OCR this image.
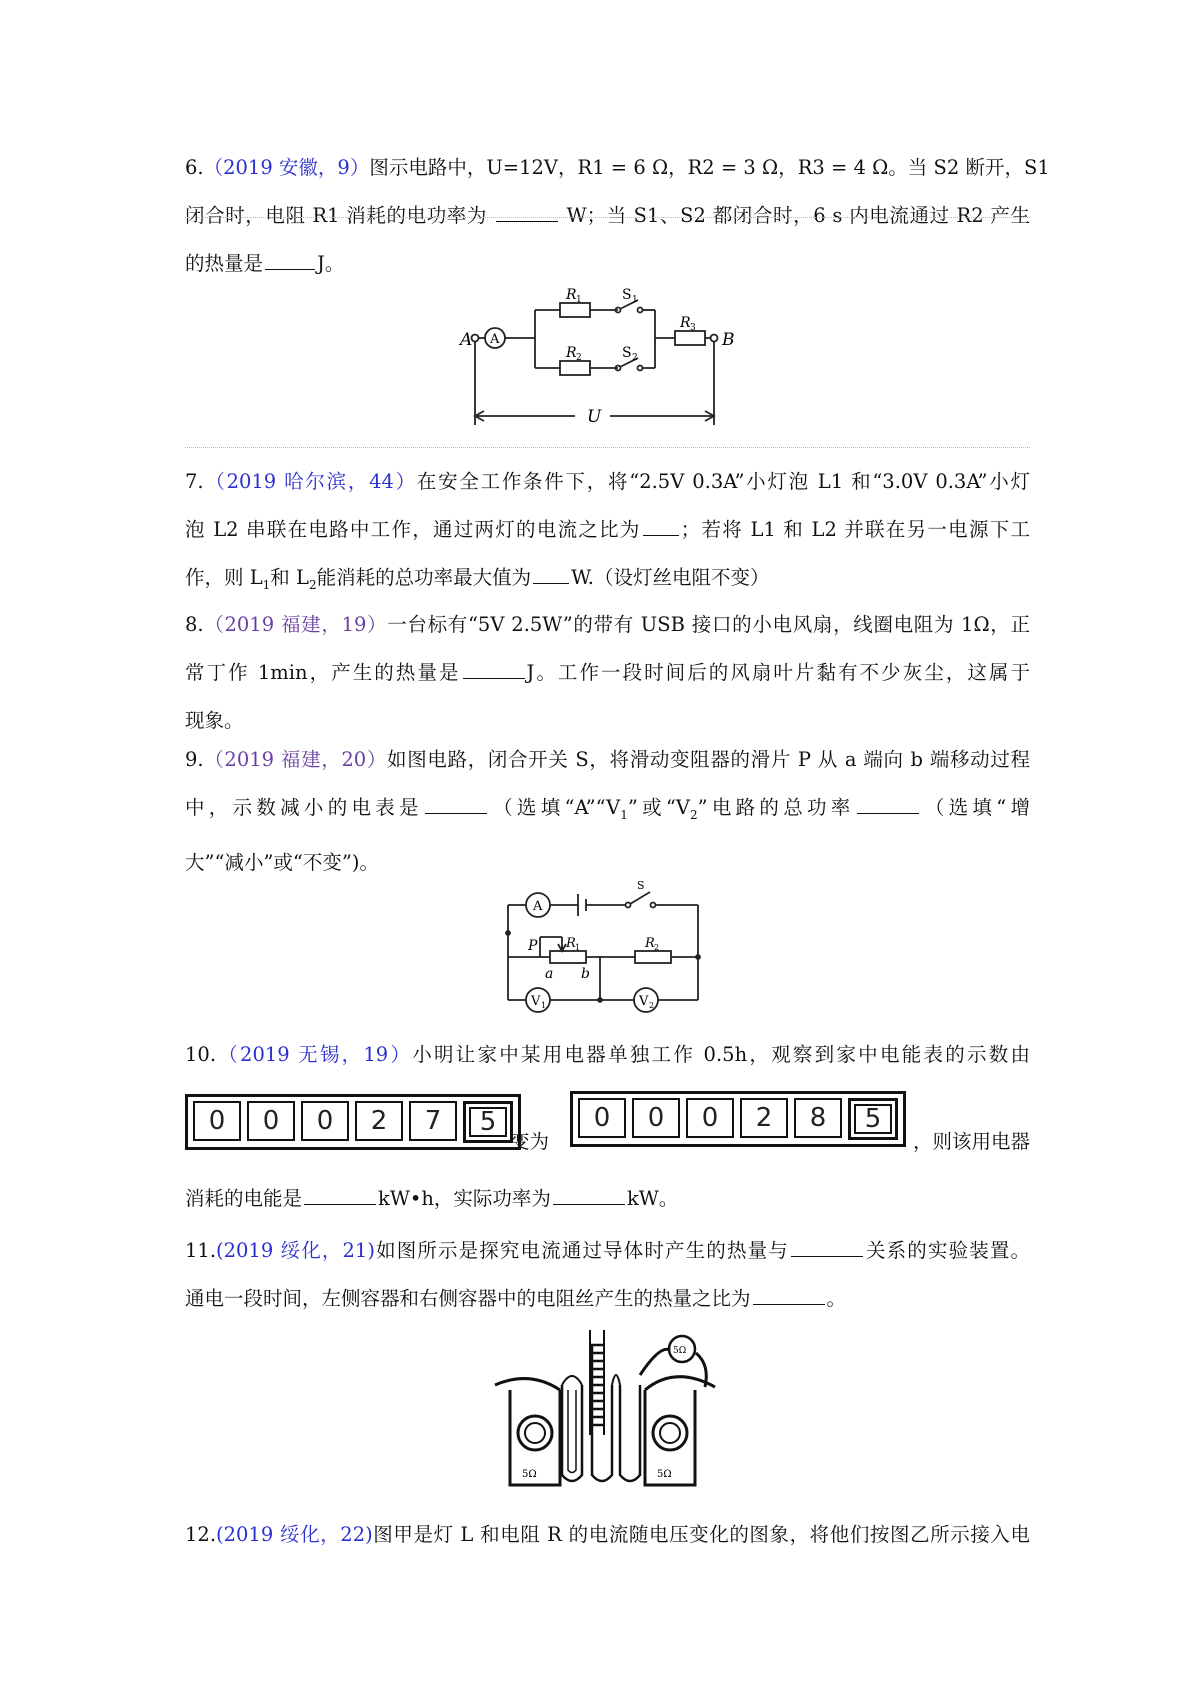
6.（2019 安徽，9）图示电路中，U=12V，R1 = 6 Ω，R2 = 3 Ω，R3 = 4 Ω。当 S2 断开，S1
闭合时，电阻 R1 消耗的电功率为	W；当 S1、S2 都闭合时，6 s 内电流通过 R2 产生
的热量是	J。
A A	B
R 1	S 1
R 2	S 2
R 3
U
7.（2019 哈尔滨，44）在安全工作条件下，将“2.5V 0.3A”小灯泡 L1 和“3.0V 0.3A”小灯
泡 L2 串联在电路中工作，通过两灯的电流之比为 ；若将 L1 和 L2 并联在另一电源下工
作，则 $L_1$和 $L_2$能消耗的总功率最大值为 W.（设灯丝电阻不变）
8.（2019 福建，19）一台标有“5V 2.5W”的带有 USB 接口的小电风扇，线圈电阻为 1Ω，正
常丁作 1min，产生的热量是	J。工作一段时间后的风扇叶片黏有不少灰尘，这属于
现象。
9.（2019 福建，20）如图电路，闭合开关 S，将滑动变阻器的滑片 P 从 a 端向 b 端移动过程
中，示数减小的电表是	（选填“$A”“V_1$”或“$V_2$”电路的总功率	（选填“增
大”“减小”或“不变”)。
A
S
P R 1	R 2
a b
V 1	V 2
10.（2019 无锡，19）小明让家中某用电器单独工作 0.5h，观察到家中电能表的示数由
0	0	0	2	7	5
变为
0	0	0	2	8	5
，则该用电器
消耗的电能是	kW•h，实际功率为	kW。
11.(2019 绥化，21)如图所示是探究电流通过导体时产生的热量与	关系的实验装置。
通电一段时间，左侧容器和右侧容器中的电阻丝产生的热量之比为	。
5Ω	5Ω
5Ω
12.(2019 绥化，22)图甲是灯 L 和电阻 R 的电流随电压变化的图象，将他们按图乙所示接入电
